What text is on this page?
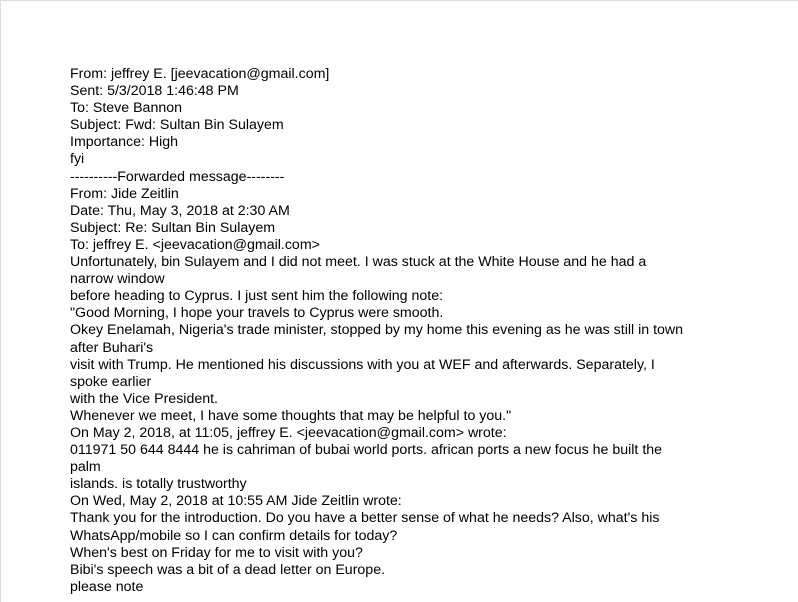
From: jeffrey E. [jeevacation@gmail.com]
Sent: 5/3/2018 1:46:48 PM
To: Steve Bannon
Subject: Fwd: Sultan Bin Sulayem
Importance: High
fyi
----------Forwarded message--------
From: Jide Zeitlin
Date: Thu, May 3, 2018 at 2:30 AM
Subject: Re: Sultan Bin Sulayem
To: jeffrey E. <jeevacation@gmail.com>
Unfortunately, bin Sulayem and I did not meet. I was stuck at the White House and he had a
narrow window
before heading to Cyprus. I just sent him the following note:
"Good Morning, I hope your travels to Cyprus were smooth.
Okey Enelamah, Nigeria's trade minister, stopped by my home this evening as he was still in town
after Buhari's
visit with Trump. He mentioned his discussions with you at WEF and afterwards. Separately, I
spoke earlier
with the Vice President.
Whenever we meet, I have some thoughts that may be helpful to you."
On May 2, 2018, at 11:05, jeffrey E. <jeevacation@gmail.com> wrote:
011971 50 644 8444 he is cahriman of bubai world ports. african ports a new focus he built the
palm
islands. is totally trustworthy
On Wed, May 2, 2018 at 10:55 AM Jide Zeitlin wrote:
Thank you for the introduction. Do you have a better sense of what he needs? Also, what's his
WhatsApp/mobile so I can confirm details for today?
When's best on Friday for me to visit with you?
Bibi's speech was a bit of a dead letter on Europe.
please note
